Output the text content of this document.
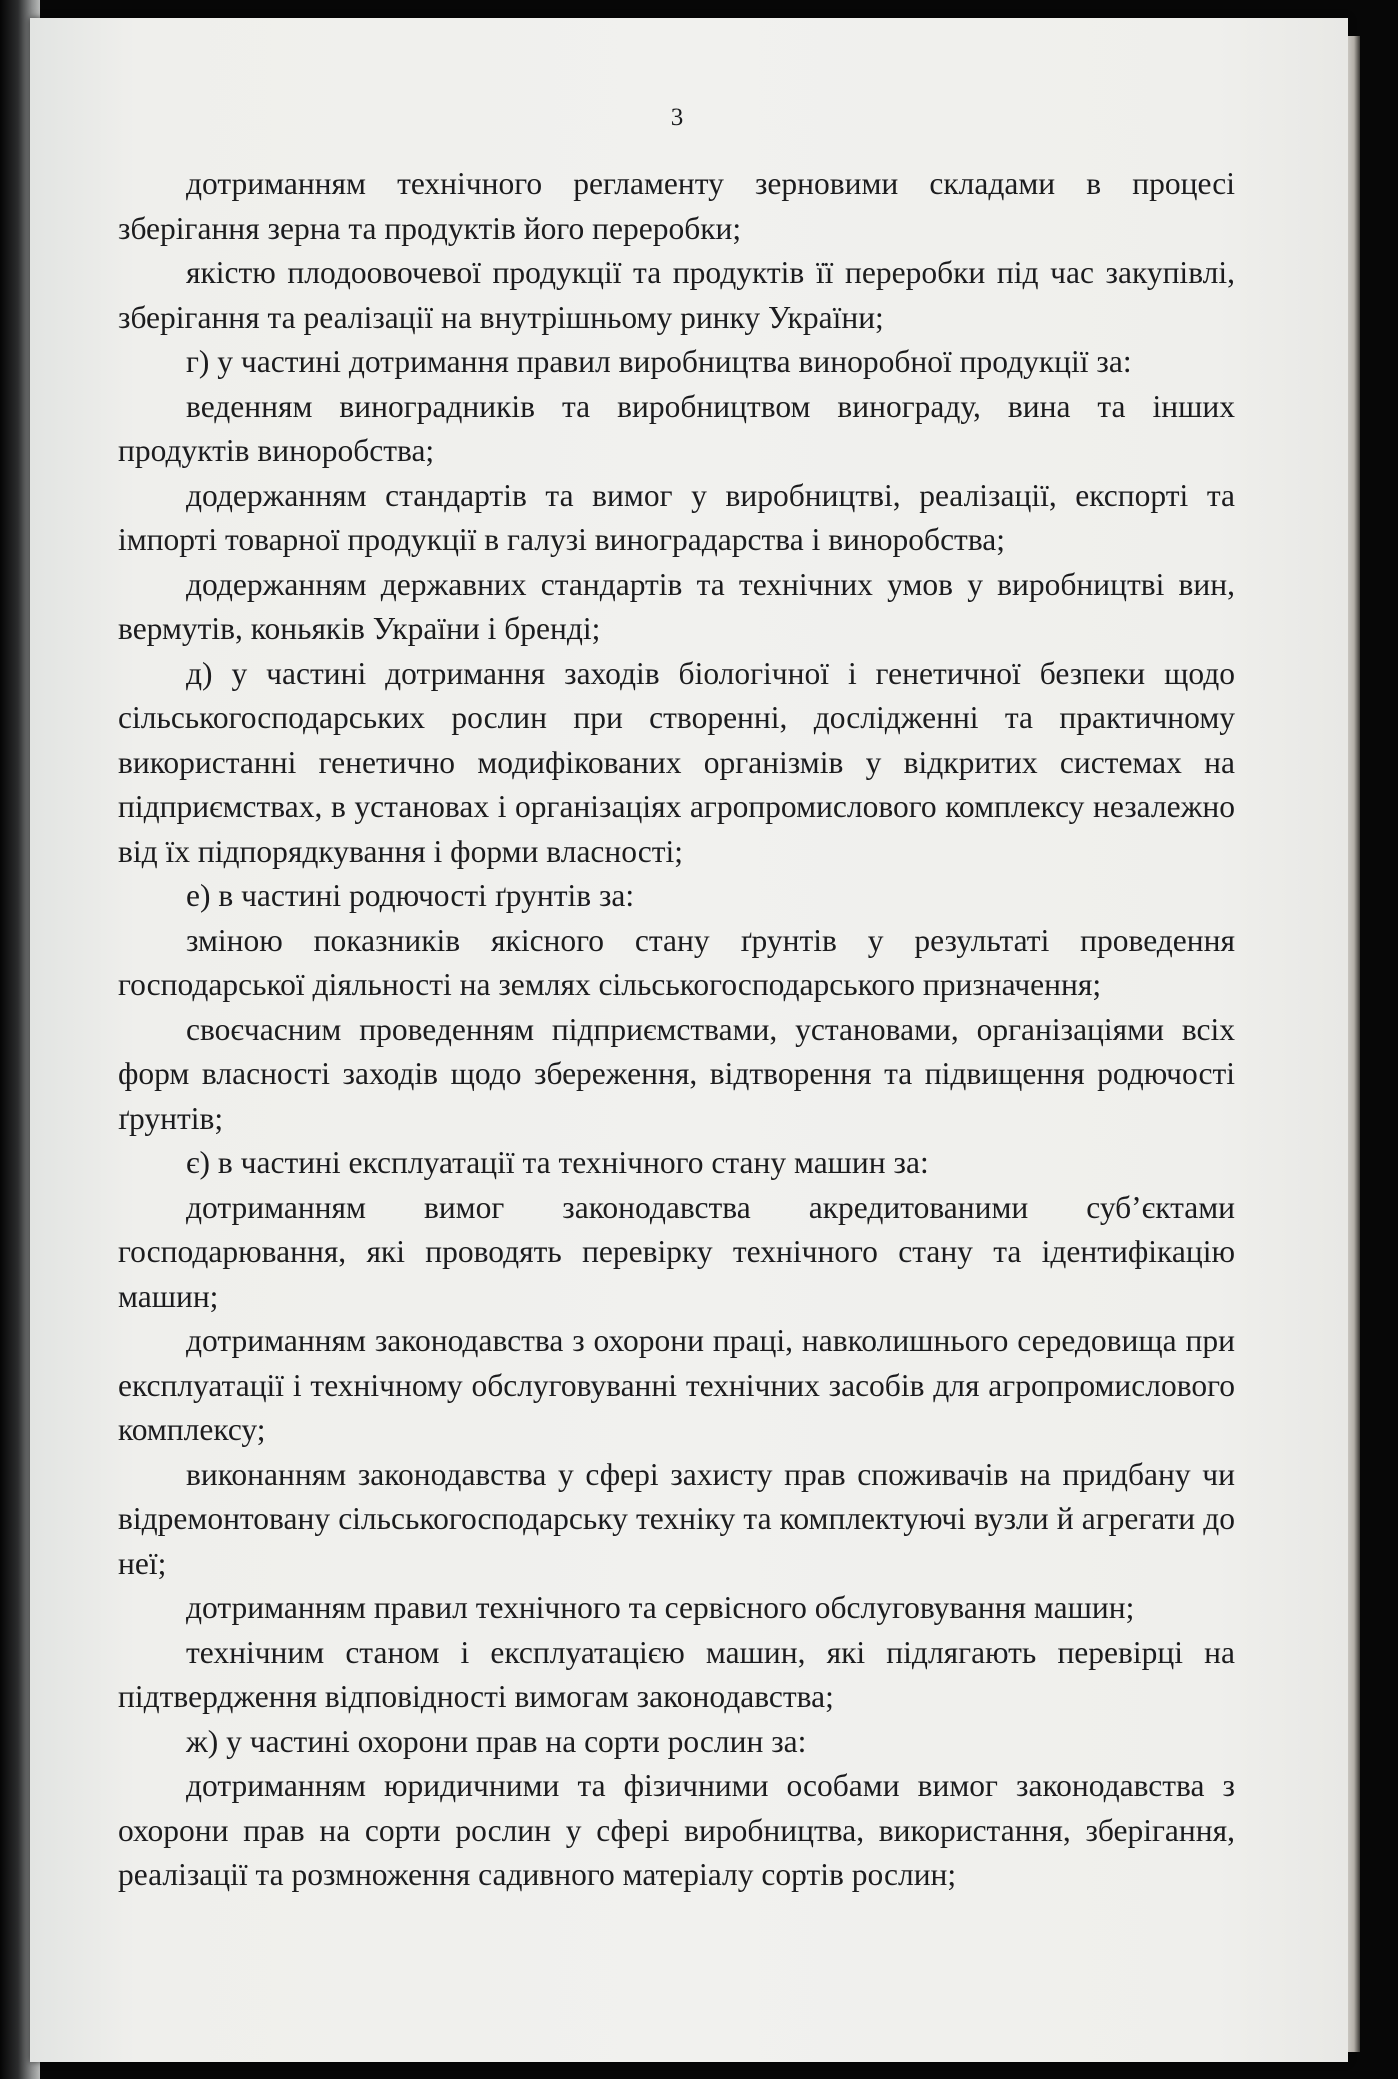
3

дотриманням технічного регламенту зерновими складами в процесі зберігання зерна та продуктів його переробки;

якістю плодоовочевої продукції та продуктів її переробки під час закупівлі, зберігання та реалізації на внутрішньому ринку України;

г) у частині дотримання правил виробництва виноробної продукції за:

веденням виноградників та виробництвом винограду, вина та інших продуктів виноробства;

додержанням стандартів та вимог у виробництві, реалізації, експорті та імпорті товарної продукції в галузі виноградарства і виноробства;

додержанням державних стандартів та технічних умов у виробництві вин, вермутів, коньяків України і бренді;

д) у частині дотримання заходів біологічної і генетичної безпеки щодо сільськогосподарських рослин при створенні, дослідженні та практичному використанні генетично модифікованих організмів у відкритих системах на підприємствах, в установах і організаціях агропромислового комплексу незалежно від їх підпорядкування і форми власності;

е) в частині родючості ґрунтів за:

зміною показників якісного стану ґрунтів у результаті проведення господарської діяльності на землях сільськогосподарського призначення;

своєчасним проведенням підприємствами, установами, організаціями всіх форм власності заходів щодо збереження, відтворення та підвищення родючості ґрунтів;

є) в частині експлуатації та технічного стану машин за:

дотриманням вимог законодавства акредитованими суб’єктами господарювання, які проводять перевірку технічного стану та ідентифікацію машин;

дотриманням законодавства з охорони праці, навколишнього середовища при експлуатації і технічному обслуговуванні технічних засобів для агропромислового комплексу;

виконанням законодавства у сфері захисту прав споживачів на придбану чи відремонтовану сільськогосподарську техніку та комплектуючі вузли й агрегати до неї;

дотриманням правил технічного та сервісного обслуговування машин;

технічним станом і експлуатацією машин, які підлягають перевірці на підтвердження відповідності вимогам законодавства;

ж) у частині охорони прав на сорти рослин за:

дотриманням юридичними та фізичними особами вимог законодавства з охорони прав на сорти рослин у сфері виробництва, використання, зберігання, реалізації та розмноження садивного матеріалу сортів рослин;
